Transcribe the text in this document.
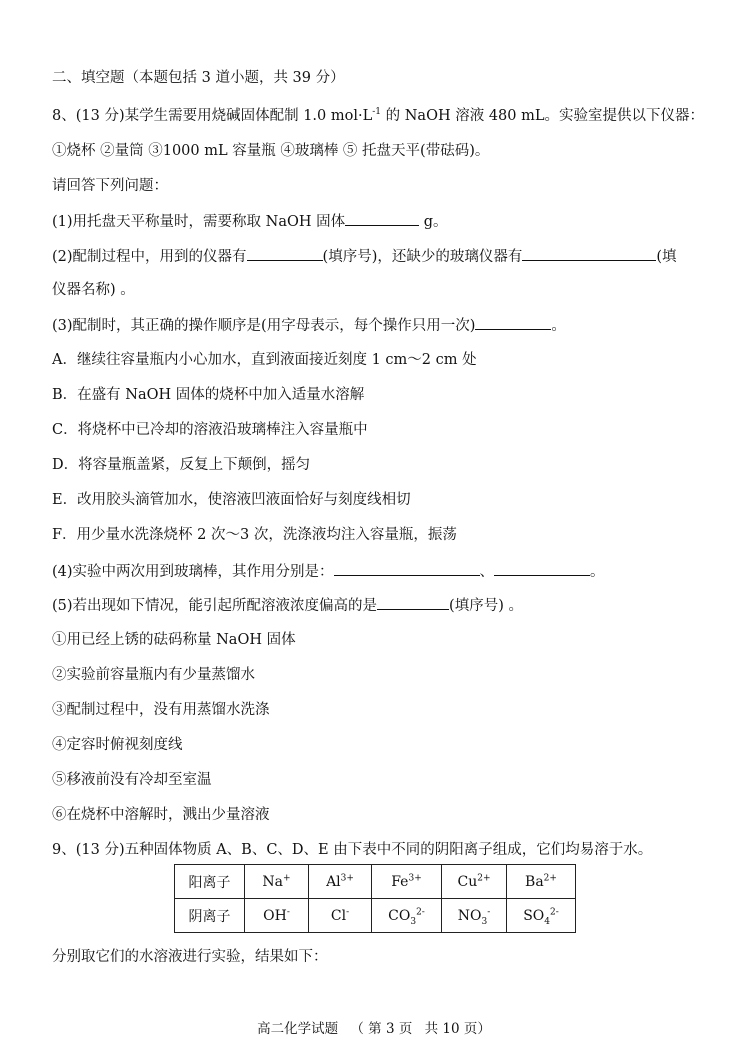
二、填空题（本题包括 3 道小题，共 39 分）
8、(13 分)某学生需要用烧碱固体配制 1.0 $mol\cdot L^{-1}$ 的 NaOH 溶液 480 mL。实验室提供以下仪器：
①烧杯 ②量筒 ③1000 mL 容量瓶 ④玻璃棒 ⑤ 托盘天平(带砝码)。
请回答下列问题：
(1)用托盘天平称量时，需要称取 NaOH 固体	g。
(2)配制过程中，用到的仪器有	(填序号)，还缺少的玻璃仪器有	(填
仪器名称) 。
(3)配制时，其正确的操作顺序是(用字母表示，每个操作只用一次)	。
A．继续往容量瓶内小心加水，直到液面接近刻度 1 cm～2 cm 处
B．在盛有 NaOH 固体的烧杯中加入适量水溶解
C．将烧杯中已冷却的溶液沿玻璃棒注入容量瓶中
D．将容量瓶盖紧，反复上下颠倒，摇匀
E．改用胶头滴管加水，使溶液凹液面恰好与刻度线相切
F．用少量水洗涤烧杯 2 次～3 次，洗涤液均注入容量瓶，振荡
(4)实验中两次用到玻璃棒，其作用分别是：	、	。
(5)若出现如下情况，能引起所配溶液浓度偏高的是	(填序号) 。
①用已经上锈的砝码称量 NaOH 固体
②实验前容量瓶内有少量蒸馏水
③配制过程中，没有用蒸馏水洗涤
④定容时俯视刻度线
⑤移液前没有冷却至室温
⑥在烧杯中溶解时，溅出少量溶液
9、(13 分)五种固体物质 A、B、C、D、E 由下表中不同的阴阳离子组成，它们均易溶于水。
阳离子	Na+	$Al^{3+}$	$Fe^{3+}$	$Cu^{2+}$	$Ba^{2+}$
阴离子	OH-	Cl-	$CO_3^{2-}$	$NO_3^-$	$SO_4^{2-}$
分别取它们的水溶液进行实验，结果如下：
高二化学试题 （ 第 3 页 共 10 页）
